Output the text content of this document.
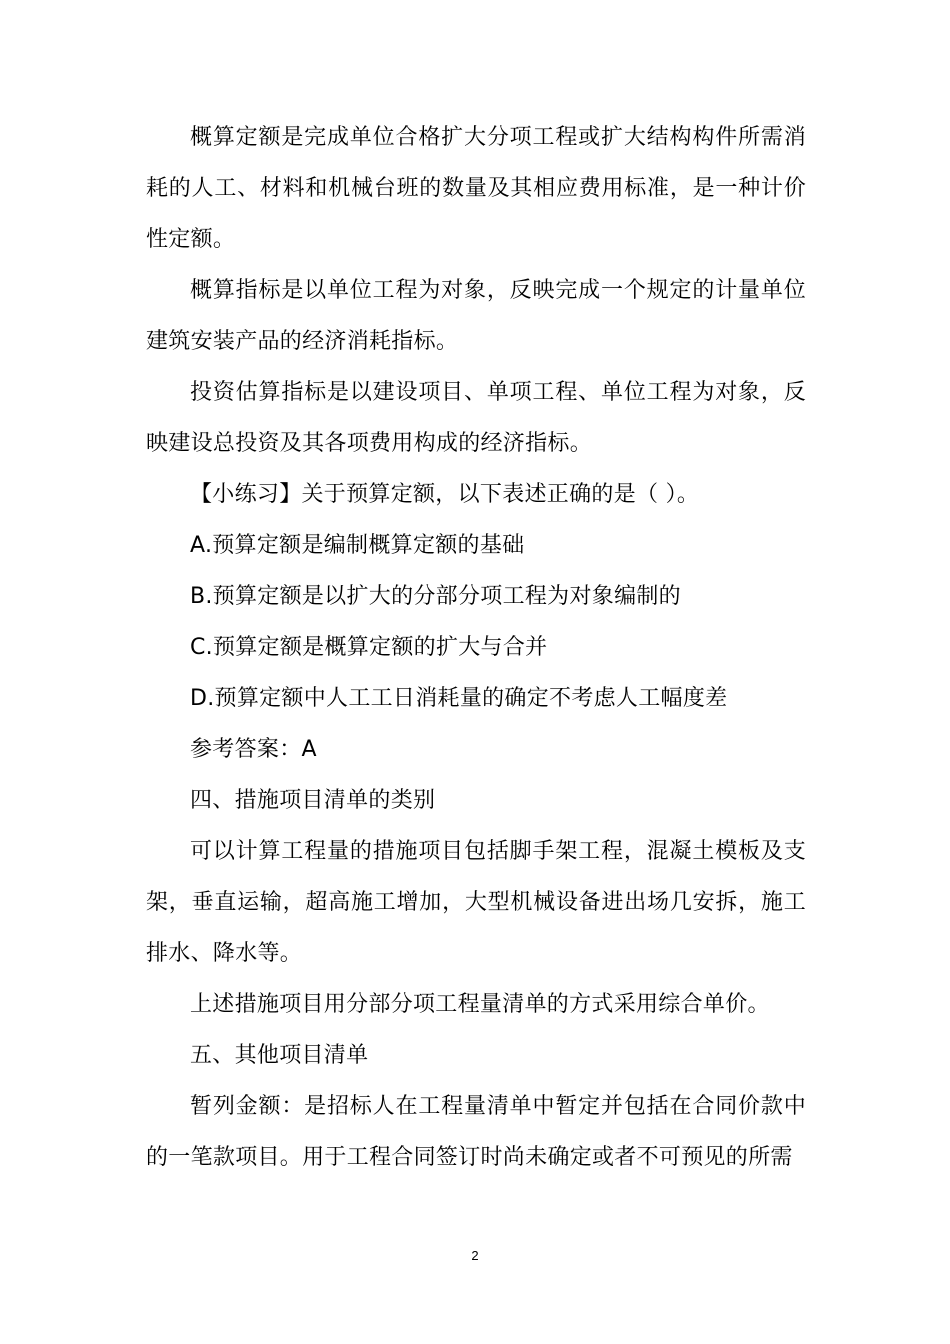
概算定额是完成单位合格扩大分项工程或扩大结构构件所需消耗的人工、材料和机械台班的数量及其相应费用标准，是一种计价性定额。

概算指标是以单位工程为对象，反映完成一个规定的计量单位建筑安装产品的经济消耗指标。

投资估算指标是以建设项目、单项工程、单位工程为对象，反映建设总投资及其各项费用构成的经济指标。

【小练习】关于预算定额，以下表述正确的是（ ）。

A.预算定额是编制概算定额的基础

B.预算定额是以扩大的分部分项工程为对象编制的

C.预算定额是概算定额的扩大与合并

D.预算定额中人工工日消耗量的确定不考虑人工幅度差

参考答案：A

四、措施项目清单的类别

可以计算工程量的措施项目包括脚手架工程，混凝土模板及支架，垂直运输，超高施工增加，大型机械设备进出场几安拆，施工排水、降水等。

上述措施项目用分部分项工程量清单的方式采用综合单价。

五、其他项目清单

暂列金额：是招标人在工程量清单中暂定并包括在合同价款中的一笔款项目。用于工程合同签订时尚未确定或者不可预见的所需

2
